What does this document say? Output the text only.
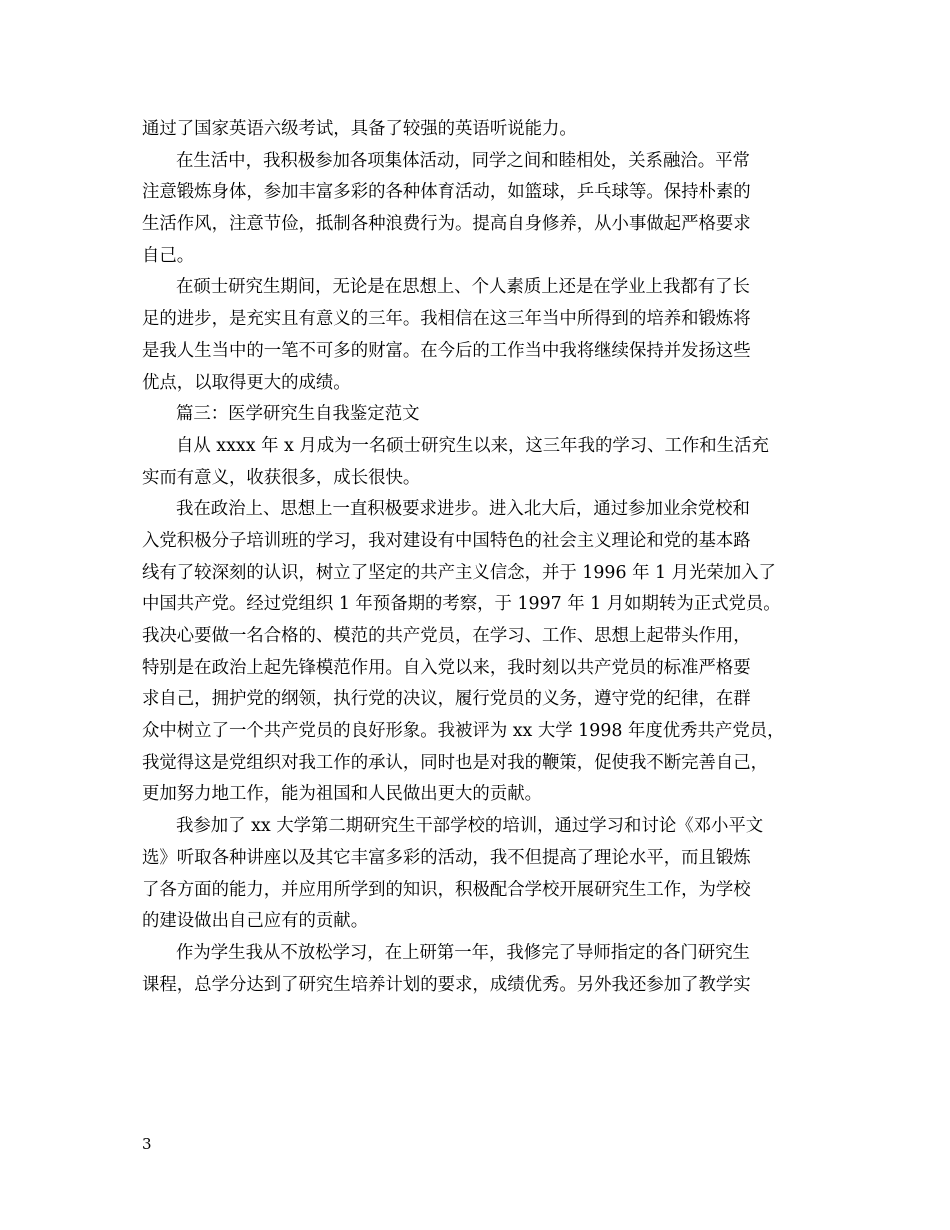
通过了国家英语六级考试，具备了较强的英语听说能力。
在生活中，我积极参加各项集体活动，同学之间和睦相处，关系融洽。平常
注意锻炼身体，参加丰富多彩的各种体育活动，如篮球，乒乓球等。保持朴素的
生活作风，注意节俭，抵制各种浪费行为。提高自身修养，从小事做起严格要求
自己。
在硕士研究生期间，无论是在思想上、个人素质上还是在学业上我都有了长
足的进步，是充实且有意义的三年。我相信在这三年当中所得到的培养和锻炼将
是我人生当中的一笔不可多的财富。在今后的工作当中我将继续保持并发扬这些
优点，以取得更大的成绩。
篇三：医学研究生自我鉴定范文
自从 xxxx 年 x 月成为一名硕士研究生以来，这三年我的学习、工作和生活充
实而有意义，收获很多，成长很快。
我在政治上、思想上一直积极要求进步。进入北大后，通过参加业余党校和
入党积极分子培训班的学习，我对建设有中国特色的社会主义理论和党的基本路
线有了较深刻的认识，树立了坚定的共产主义信念，并于 1996 年 1 月光荣加入了
中国共产党。经过党组织 1 年预备期的考察，于 1997 年 1 月如期转为正式党员。
我决心要做一名合格的、模范的共产党员，在学习、工作、思想上起带头作用，
特别是在政治上起先锋模范作用。自入党以来，我时刻以共产党员的标准严格要
求自己，拥护党的纲领，执行党的决议，履行党员的义务，遵守党的纪律，在群
众中树立了一个共产党员的良好形象。我被评为 xx 大学 1998 年度优秀共产党员，
我觉得这是党组织对我工作的承认，同时也是对我的鞭策，促使我不断完善自己，
更加努力地工作，能为祖国和人民做出更大的贡献。
我参加了 xx 大学第二期研究生干部学校的培训，通过学习和讨论《邓小平文
选》听取各种讲座以及其它丰富多彩的活动，我不但提高了理论水平，而且锻炼
了各方面的能力，并应用所学到的知识，积极配合学校开展研究生工作，为学校
的建设做出自己应有的贡献。
作为学生我从不放松学习，在上研第一年，我修完了导师指定的各门研究生
课程，总学分达到了研究生培养计划的要求，成绩优秀。另外我还参加了教学实
3
